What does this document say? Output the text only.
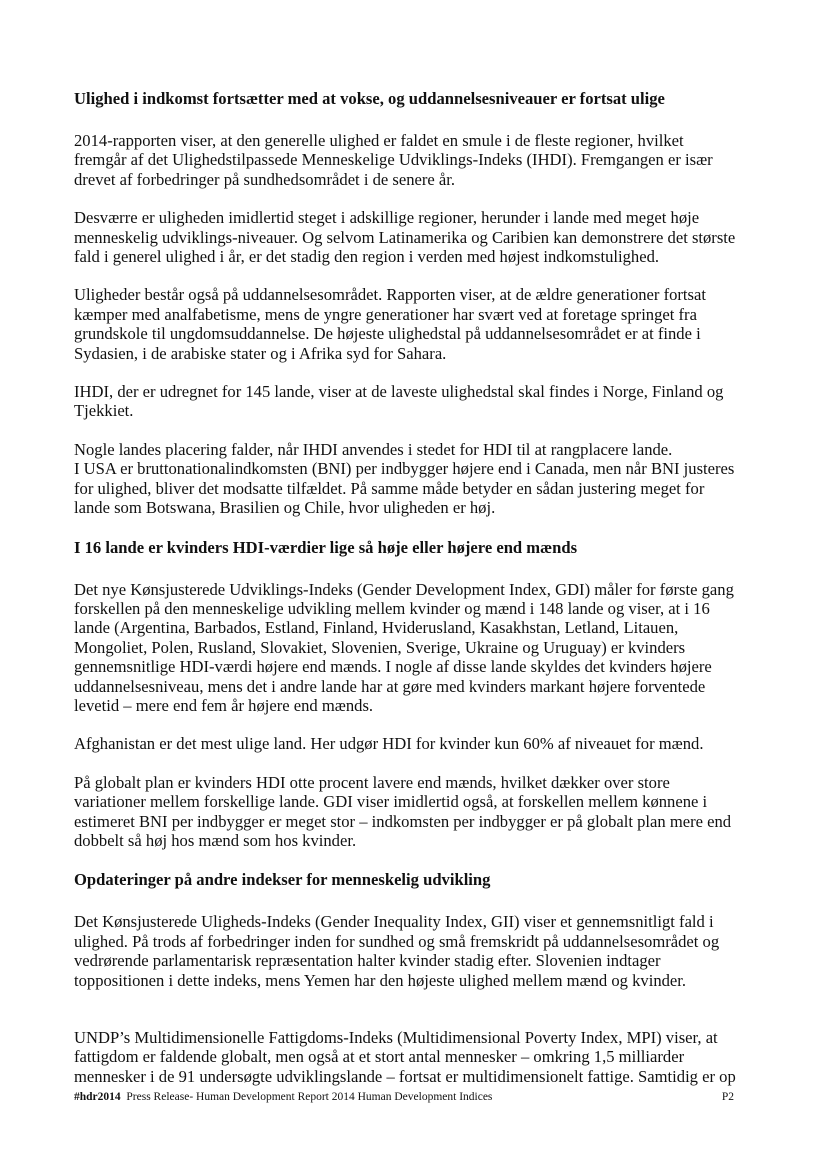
Ulighed i indkomst fortsætter med at vokse, og uddannelsesniveauer er fortsat ulige

2014-rapporten viser, at den generelle ulighed er faldet en smule i de fleste regioner, hvilket
fremgår af det Ulighedstilpassede Menneskelige Udviklings-Indeks (IHDI). Fremgangen er især
drevet af forbedringer på sundhedsområdet i de senere år.

Desværre er uligheden imidlertid steget i adskillige regioner, herunder i lande med meget høje
menneskelig udviklings-niveauer. Og selvom Latinamerika og Caribien kan demonstrere det største
fald i generel ulighed i år, er det stadig den region i verden med højest indkomstulighed.

Uligheder består også på uddannelsesområdet. Rapporten viser, at de ældre generationer fortsat
kæmper med analfabetisme, mens de yngre generationer har svært ved at foretage springet fra
grundskole til ungdomsuddannelse. De højeste ulighedstal på uddannelsesområdet er at finde i
Sydasien, i de arabiske stater og i Afrika syd for Sahara.

IHDI, der er udregnet for 145 lande, viser at de laveste ulighedstal skal findes i Norge, Finland og
Tjekkiet.

Nogle landes placering falder, når IHDI anvendes i stedet for HDI til at rangplacere lande.
I USA er bruttonationalindkomsten (BNI) per indbygger højere end i Canada, men når BNI justeres
for ulighed, bliver det modsatte tilfældet. På samme måde betyder en sådan justering meget for
lande som Botswana, Brasilien og Chile, hvor uligheden er høj.

I 16 lande er kvinders HDI-værdier lige så høje eller højere end mænds

Det nye Kønsjusterede Udviklings-Indeks (Gender Development Index, GDI) måler for første gang
forskellen på den menneskelige udvikling mellem kvinder og mænd i 148 lande og viser, at i 16
lande (Argentina, Barbados, Estland, Finland, Hviderusland, Kasakhstan, Letland, Litauen,
Mongoliet, Polen, Rusland, Slovakiet, Slovenien, Sverige, Ukraine og Uruguay) er kvinders
gennemsnitlige HDI-værdi højere end mænds. I nogle af disse lande skyldes det kvinders højere
uddannelsesniveau, mens det i andre lande har at gøre med kvinders markant højere forventede
levetid – mere end fem år højere end mænds.

Afghanistan er det mest ulige land. Her udgør HDI for kvinder kun 60% af niveauet for mænd.

På globalt plan er kvinders HDI otte procent lavere end mænds, hvilket dækker over store
variationer mellem forskellige lande. GDI viser imidlertid også, at forskellen mellem kønnene i
estimeret BNI per indbygger er meget stor – indkomsten per indbygger er på globalt plan mere end
dobbelt så høj hos mænd som hos kvinder.

Opdateringer på andre indekser for menneskelig udvikling

Det Kønsjusterede Uligheds-Indeks (Gender Inequality Index, GII) viser et gennemsnitligt fald i
ulighed. På trods af forbedringer inden for sundhed og små fremskridt på uddannelsesområdet og
vedrørende parlamentarisk repræsentation halter kvinder stadig efter. Slovenien indtager
toppositionen i dette indeks, mens Yemen har den højeste ulighed mellem mænd og kvinder.

UNDP’s Multidimensionelle Fattigdoms-Indeks (Multidimensional Poverty Index, MPI) viser, at
fattigdom er faldende globalt, men også at et stort antal mennesker – omkring 1,5 milliarder
mennesker i de 91 undersøgte udviklingslande – fortsat er multidimensionelt fattige. Samtidig er op

#hdr2014 Press Release- Human Development Report 2014 Human Development Indices	P2
